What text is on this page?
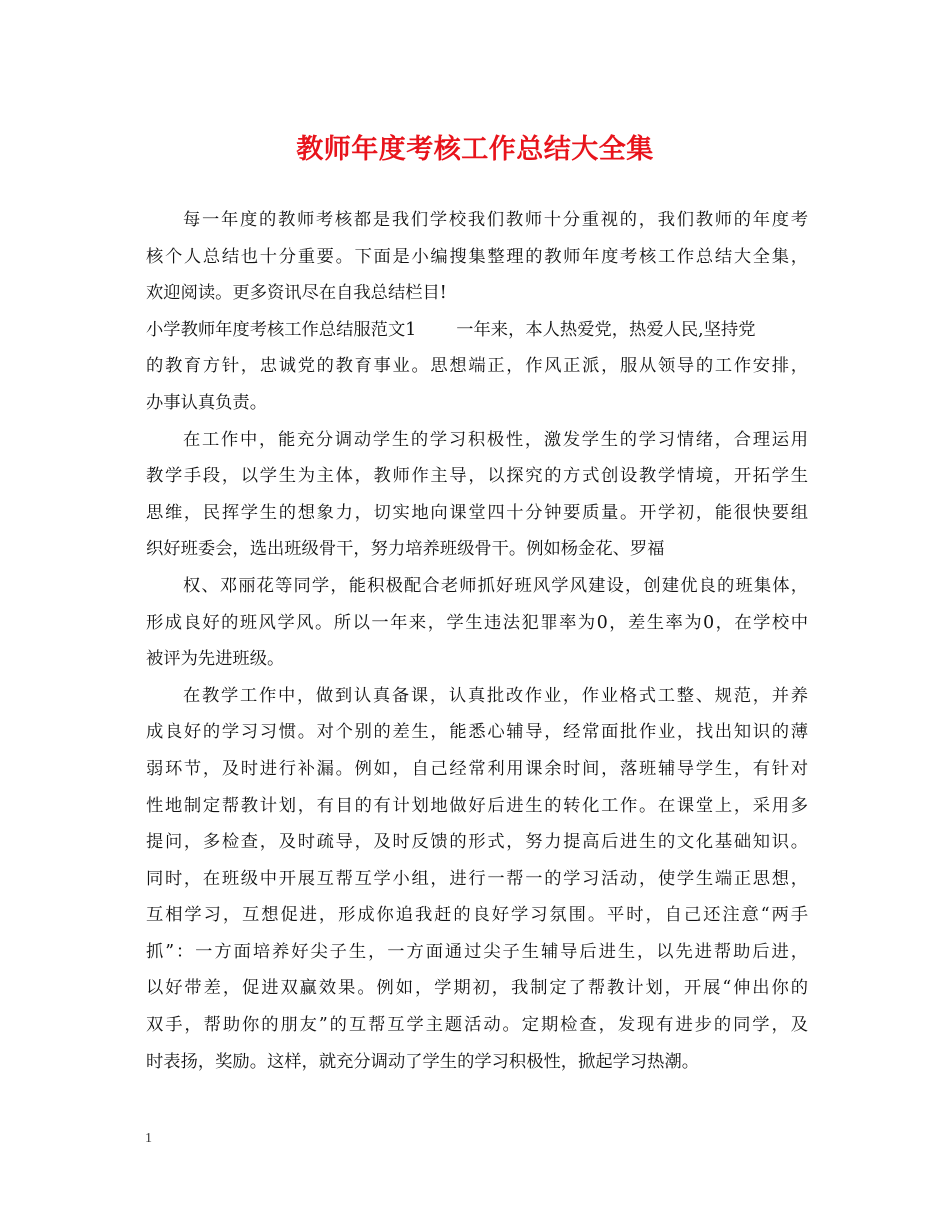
教师年度考核工作总结大全集
每一年度的教师考核都是我们学校我们教师十分重视的，我们教师的年度考
核个人总结也十分重要。下面是小编搜集整理的教师年度考核工作总结大全集，
欢迎阅读。更多资讯尽在自我总结栏目!
小学教师年度考核工作总结服范文1 一年来，本人热爱党，热爱人民,坚持党
的教育方针，忠诚党的教育事业。思想端正，作风正派，服从领导的工作安排，
办事认真负责。
在工作中，能充分调动学生的学习积极性，激发学生的学习情绪，合理运用
教学手段，以学生为主体，教师作主导，以探究的方式创设教学情境，开拓学生
思维，民挥学生的想象力，切实地向课堂四十分钟要质量。开学初，能很快要组
织好班委会，选出班级骨干，努力培养班级骨干。例如杨金花、罗福
权、邓丽花等同学，能积极配合老师抓好班风学风建设，创建优良的班集体，
形成良好的班风学风。所以一年来，学生违法犯罪率为0，差生率为0，在学校中
被评为先进班级。
在教学工作中，做到认真备课，认真批改作业，作业格式工整、规范，并养
成良好的学习习惯。对个别的差生，能悉心辅导，经常面批作业，找出知识的薄
弱环节，及时进行补漏。例如，自己经常利用课余时间，落班辅导学生，有针对
性地制定帮教计划，有目的有计划地做好后进生的转化工作。在课堂上，采用多
提问，多检查，及时疏导，及时反馈的形式，努力提高后进生的文化基础知识。
同时，在班级中开展互帮互学小组，进行一帮一的学习活动，使学生端正思想，
互相学习，互想促进，形成你追我赶的良好学习氛围。平时，自己还注意“两手
抓”：一方面培养好尖子生，一方面通过尖子生辅导后进生，以先进帮助后进，
以好带差，促进双赢效果。例如，学期初，我制定了帮教计划，开展“伸出你的
双手，帮助你的朋友”的互帮互学主题活动。定期检查，发现有进步的同学，及
时表扬，奖励。这样，就充分调动了学生的学习积极性，掀起学习热潮。
1
